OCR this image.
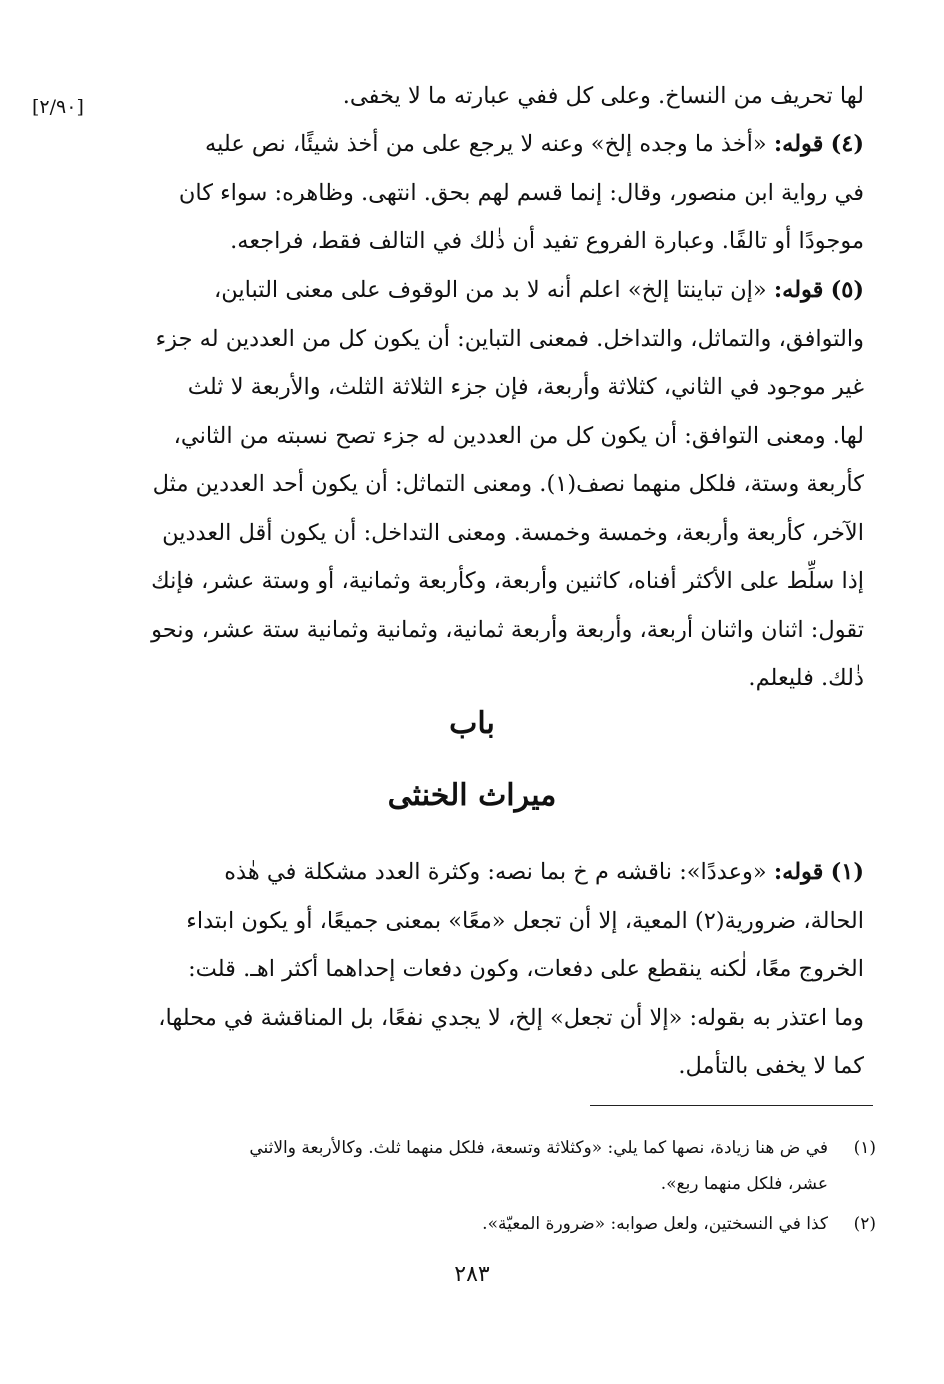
[٢/٩٠]	لها تحريف من النساخ. وعلى كل ففي عبارته ما لا يخفى.
(٤) قوله: «أخذ ما وجده إلخ» وعنه لا يرجع على من أخذ شيئًا، نص عليه
في رواية ابن منصور، وقال: إنما قسم لهم بحق. انتهى. وظاهره: سواء كان
موجودًا أو تالفًا. وعبارة الفروع تفيد أن ذٰلك في التالف فقط، فراجعه.
(٥) قوله: «إن تباينتا إلخ» اعلم أنه لا بد من الوقوف على معنى التباين،
والتوافق، والتماثل، والتداخل. فمعنى التباين: أن يكون كل من العددين له جزء
غير موجود في الثاني، كثلاثة وأربعة، فإن جزء الثلاثة الثلث، والأربعة لا ثلث
لها. ومعنى التوافق: أن يكون كل من العددين له جزء تصح نسبته من الثاني،
كأربعة وستة، فلكل منهما نصف(١). ومعنى التماثل: أن يكون أحد العددين مثل
الآخر، كأربعة وأربعة، وخمسة وخمسة. ومعنى التداخل: أن يكون أقل العددين
إذا سلِّط على الأكثر أفناه، كاثنين وأربعة، وكأربعة وثمانية، أو وستة عشر، فإنك
تقول: اثنان واثنان أربعة، وأربعة وأربعة ثمانية، وثمانية وثمانية ستة عشر، ونحو
ذٰلك. فليعلم.
باب
ميراث الخنثى
(١) قوله: «وعددًا»: ناقشه م خ بما نصه: وكثرة العدد مشكلة في هٰذه
الحالة، ضرورية(٢) المعية، إلا أن تجعل «معًا» بمعنى جميعًا، أو يكون ابتداء
الخروج معًا، لٰكنه ينقطع على دفعات، وكون دفعات إحداهما أكثر اهـ. قلت:
وما اعتذر به بقوله: «إلا أن تجعل» إلخ، لا يجدي نفعًا، بل المناقشة في محلها،
كما لا يخفى بالتأمل.
(١)
في ض هنا زيادة، نصها كما يلي: «وكثلاثة وتسعة، فلكل منهما ثلث. وكالأربعة والاثني
عشر، فلكل منهما ربع».
(٢)
كذا في النسختين، ولعل صوابه: «ضرورة المعيّة».
٢٨٣
